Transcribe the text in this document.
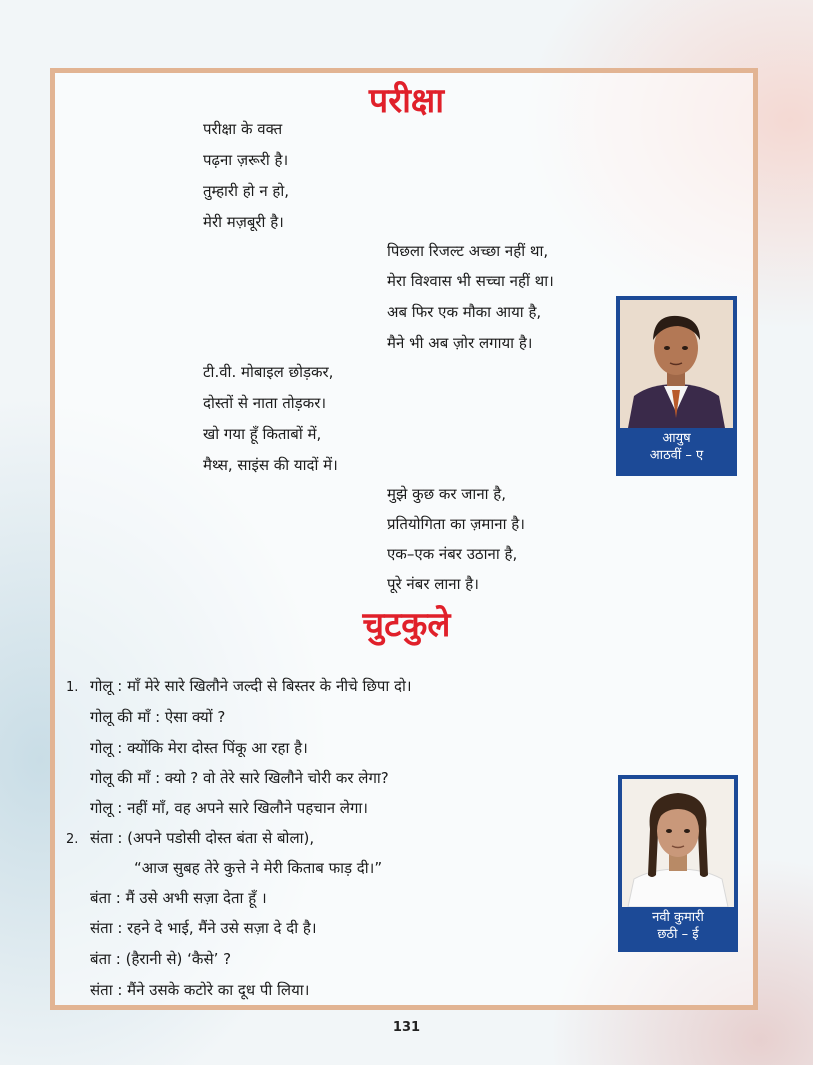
परीक्षा
परीक्षा के वक्त
पढ़ना ज़रूरी है।
तुम्हारी हो न हो,
मेरी मज़बूरी है।
पिछला रिजल्ट अच्छा नहीं था,
मेरा विश्वास भी सच्चा नहीं था।
अब फिर एक मौका आया है,
मैने भी अब ज़ोर लगाया है।
टी.वी. मोबाइल छोड़कर,
दोस्तों से नाता तोड़कर।
खो गया हूँ किताबों में,
मैथ्स, साइंस की यादों में।
मुझे कुछ कर जाना है,
प्रतियोगिता का ज़माना है।
एक–एक नंबर उठाना है,
पूरे नंबर लाना है।
आयुष
आठवीं – ए
चुटकुले
1. गोलू : माँ मेरे सारे खिलौने जल्दी से बिस्तर के नीचे छिपा दो।
गोलू की माँ : ऐसा क्यों ?
गोलू : क्योंकि मेरा दोस्त पिंकू आ रहा है।
गोलू की माँ : क्यो ? वो तेरे सारे खिलौने चोरी कर लेगा?
गोलू : नहीं माँ, वह अपने सारे खिलौने पहचान लेगा।
2. संता : (अपने पडोसी दोस्त बंता से बोला),
“आज सुबह तेरे कुत्ते ने मेरी किताब फाड़ दी।”
बंता : मैं उसे अभी सज़ा देता हूँ ।
संता : रहने दे भाई, मैंने उसे सज़ा दे दी है।
बंता : (हैरानी से) ‘कैसे’ ?
संता : मैंने उसके कटोरे का दूध पी लिया।
नवी कुमारी
छठी – ई
131
